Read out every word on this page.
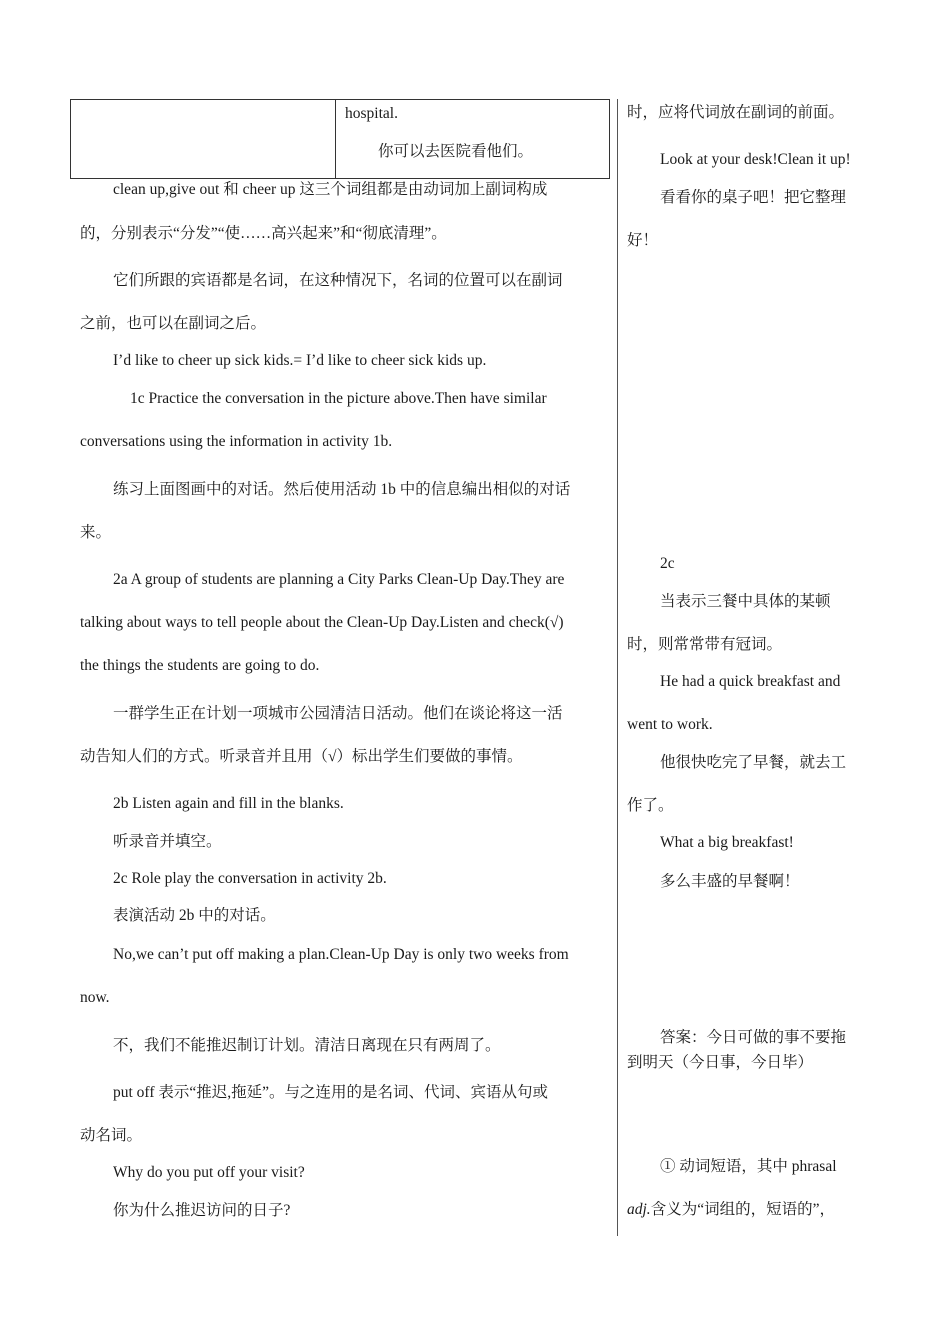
hospital.
你可以去医院看他们。
clean up,give out 和 cheer up 这三个词组都是由动词加上副词构成
的，分别表示“分发”“使……高兴起来”和“彻底清理”。
它们所跟的宾语都是名词，在这种情况下，名词的位置可以在副词
之前，也可以在副词之后。
I’d like to cheer up sick kids.= I’d like to cheer sick kids up.
1c Practice the conversation in the picture above.Then have similar
conversations using the information in activity 1b.
练习上面图画中的对话。然后使用活动 1b 中的信息编出相似的对话
来。
2a A group of students are planning a City Parks Clean-Up Day.They are
talking about ways to tell people about the Clean-Up Day.Listen and check(√)
the things the students are going to do.
一群学生正在计划一项城市公园清洁日活动。他们在谈论将这一活
动告知人们的方式。听录音并且用（√）标出学生们要做的事情。
2b Listen again and fill in the blanks.
听录音并填空。
2c Role play the conversation in activity 2b.
表演活动 2b 中的对话。
No,we can’t put off making a plan.Clean-Up Day is only two weeks from
now.
不，我们不能推迟制订计划。清洁日离现在只有两周了。
put off 表示“推迟,拖延”。与之连用的是名词、代词、宾语从句或
动名词。
Why do you put off your visit?
你为什么推迟访问的日子?
时，应将代词放在副词的前面。
Look at your desk!Clean it up!
看看你的桌子吧！把它整理
好！
2c
当表示三餐中具体的某顿
时，则常常带有冠词。
He had a quick breakfast and
went to work.
他很快吃完了早餐，就去工
作了。
What a big breakfast!
多么丰盛的早餐啊！
答案：今日可做的事不要拖
到明天（今日事，今日毕）
① 动词短语，其中 phrasal
adj.含义为“词组的，短语的”，
